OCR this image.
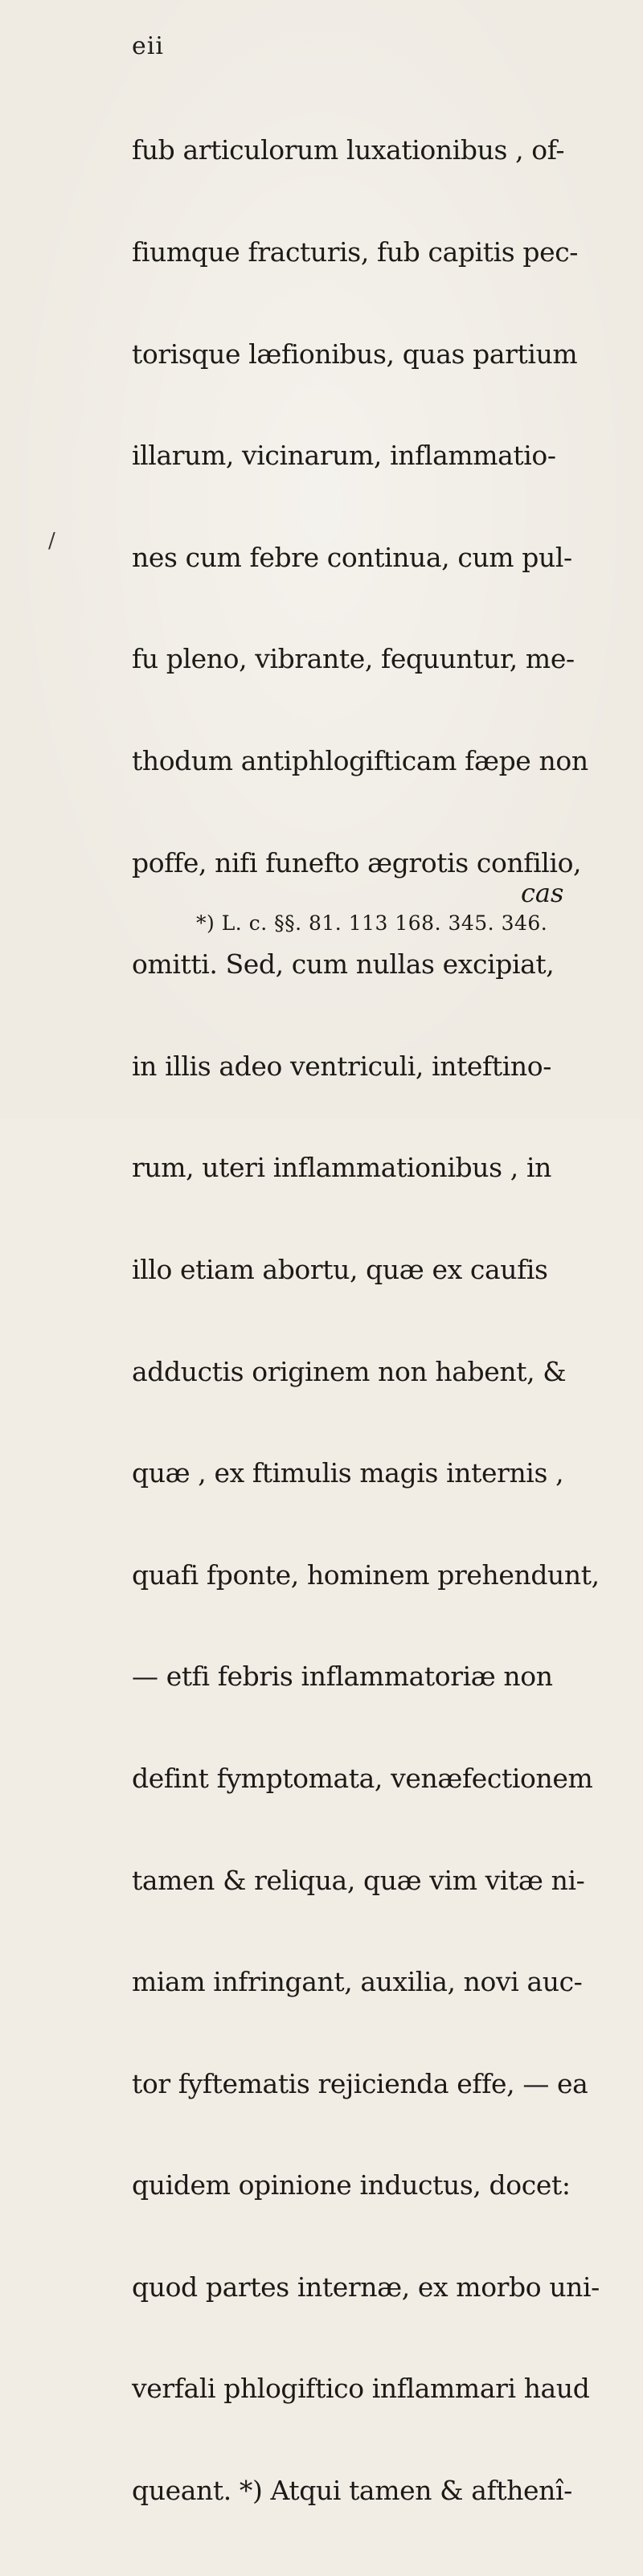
eii
/

fub articulorum luxationibus , of-

fiumque fracturis, fub capitis pec-

torisque læfionibus, quas partium

illarum, vicinarum, inflammatio-

nes cum febre continua, cum pul-

fu pleno, vibrante, fequuntur, me-

thodum antiphlogifticam fæpe non

poffe, nifi funefto ægrotis confilio,

omitti. Sed, cum nullas excipiat,

in illis adeo ventriculi, inteftino-

rum, uteri inflammationibus , in

illo etiam abortu, quæ ex caufis

adductis originem non habent, &

quæ , ex ftimulis magis internis ,

quafi fponte, hominem prehendunt,

— etfi febris inflammatoriæ non

defint fymptomata, venæfectionem

tamen & reliqua, quæ vim vitæ ni-

miam infringant, auxilia, novi auc-

tor fyftematis rejicienda effe, — ea

quidem opinione inductus, docet:

quod partes internæ, ex morbo uni-

verfali phlogiftico inflammari haud

queant. *) Atqui tamen & afthenî-

cas
*) L. c. §§. 81. 113 168. 345. 346.
